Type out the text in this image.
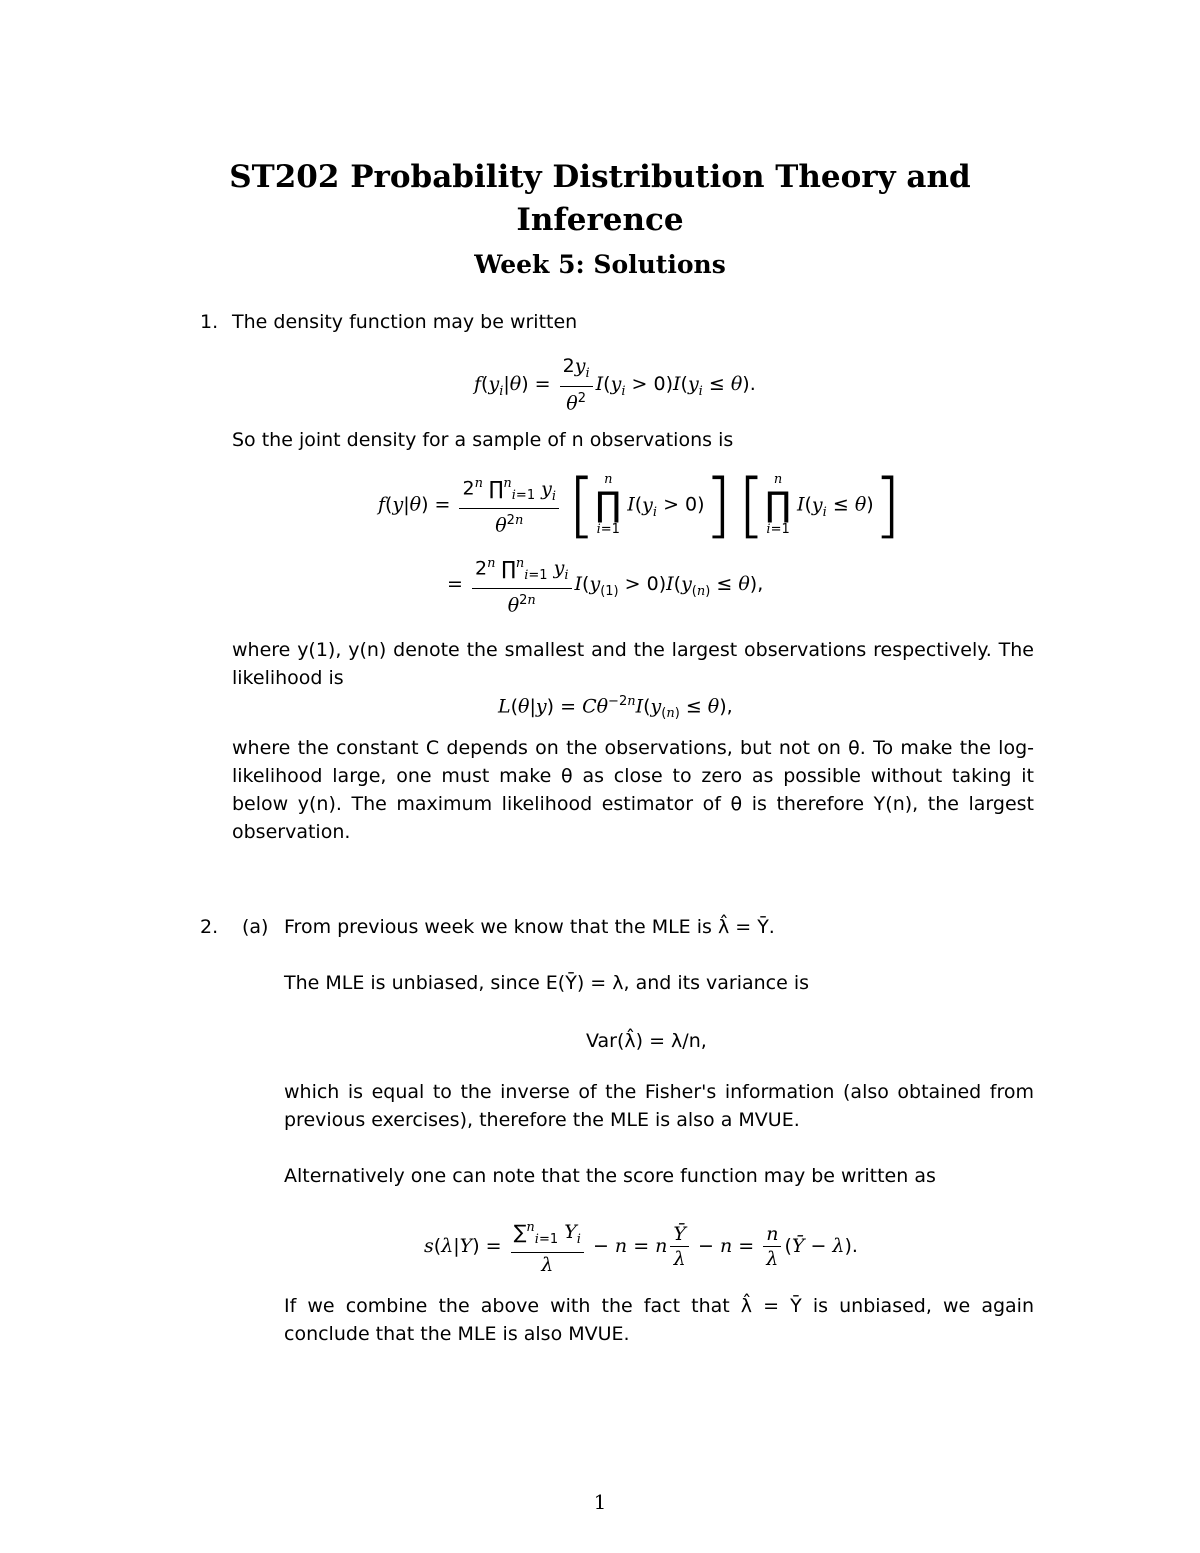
ST202 Probability Distribution Theory and
Inference
Week 5: Solutions
1. The density function may be written
$f(y_i|\theta) = \frac{2y_i}{\theta^2} I(y_i > 0)I(y_i \le \theta)$.
So the joint density for a sample of n observations is
$f(y|\theta) = \frac{2^n \prod^n_{i=1} y_i}{\theta^{2n}}$ [ n
∏
i=1
$I(y_i > 0)$] [ n
∏
i=1
$I(y_i \le \theta)$]
= $\frac{2^n \prod^n_{i=1} y_i}{\theta^{2n}} I(y_{(1)} > 0)I(y_{(n)} \le \theta)$,
where y(1), y(n) denote the smallest and the largest observations respectively. The likelihood is
$L(\theta|y) = C\theta^{-2n}I(y_{(n)} \le \theta)$,
where the constant C depends on the observations, but not on θ. To make the log-likelihood large, one must make θ as close to zero as possible without taking it below y(n). The maximum likelihood estimator of θ is therefore Y(n), the largest observation.
2. (a) From previous week we know that the MLE is λ̂ = Ȳ.
The MLE is unbiased, since E(Ȳ) = λ, and its variance is
Var(λ̂) = λ/n,
which is equal to the inverse of the Fisher's information (also obtained from previous exercises), therefore the MLE is also a MVUE.
Alternatively one can note that the score function may be written as
$s(\lambda|Y) = \frac{\sum^n_{i=1} Y_i}{\lambda} - n = n \frac{Ȳ}{\lambda} - n = \frac{n}{\lambda}$ (Ȳ − λ).
If we combine the above with the fact that λ̂ = Ȳ is unbiased, we again conclude that the MLE is also MVUE.
1
